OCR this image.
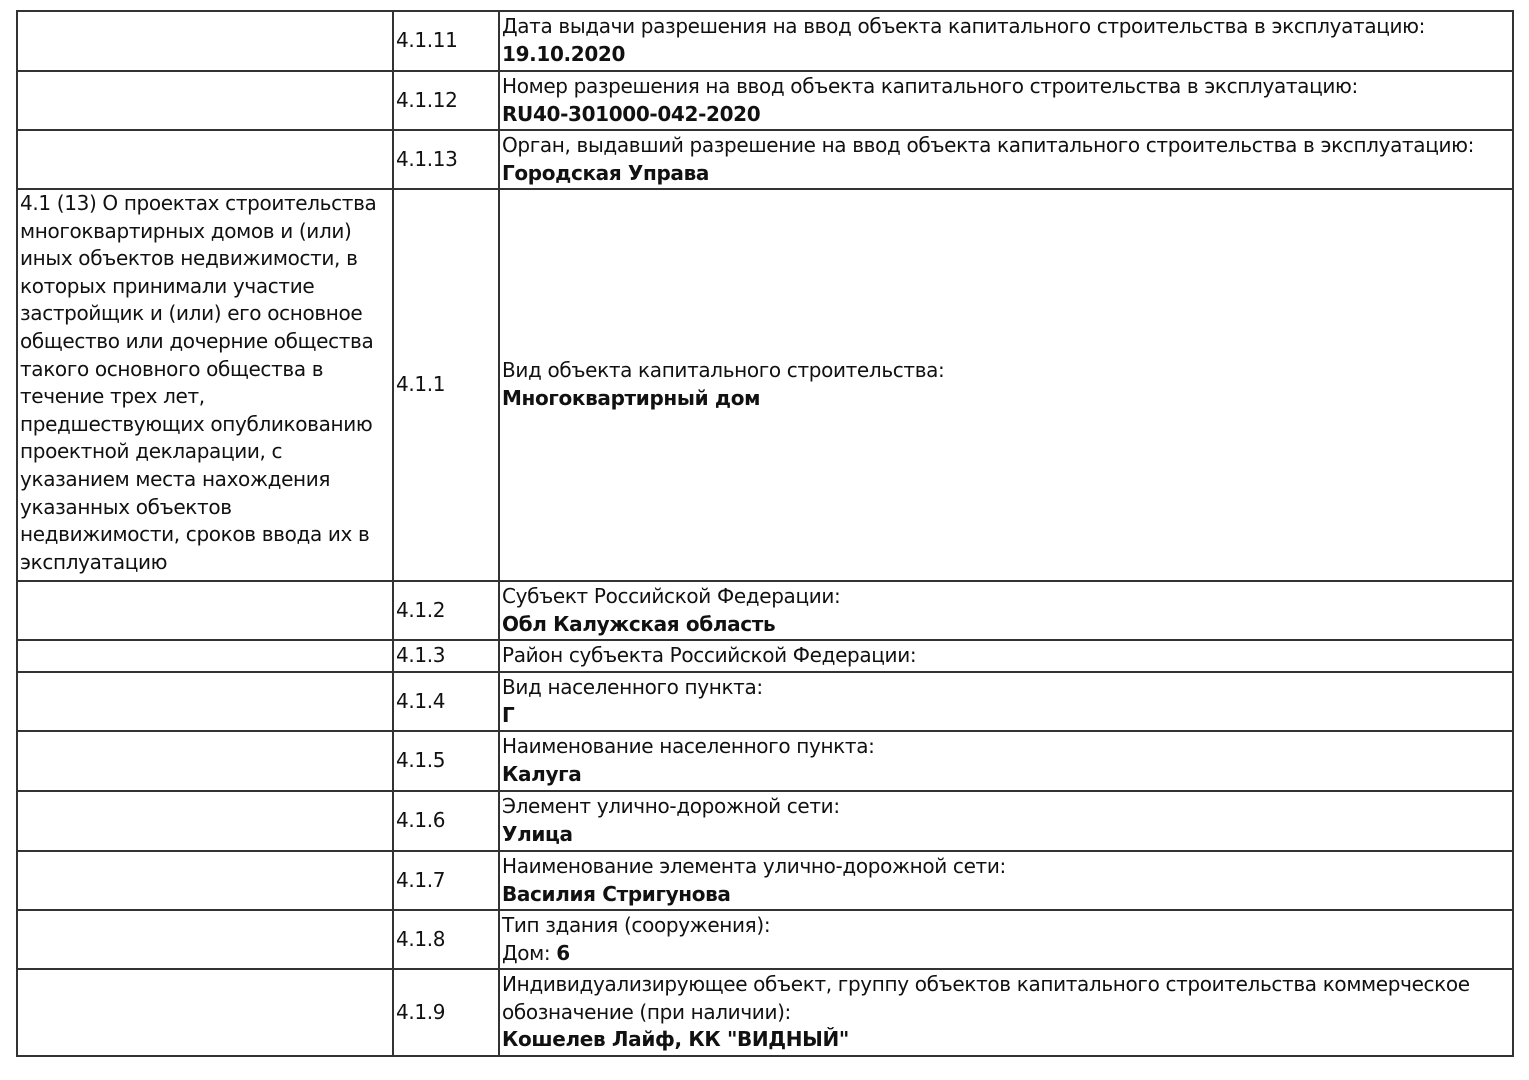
	4.1.11	Дата выдачи разрешения на ввод объекта капитального строительства в эксплуатацию:
19.10.2020

	4.1.12	Номер разрешения на ввод объекта капитального строительства в эксплуатацию:
RU40-301000-042-2020

	4.1.13	Орган, выдавший разрешение на ввод объекта капитального строительства в эксплуатацию:
Городская Управа

4.1 (13) О проектах строительства многоквартирных домов и (или) иных объектов недвижимости, в которых принимали участие застройщик и (или) его основное общество или дочерние общества такого основного общества в течение трех лет, предшествующих опубликованию проектной декларации, с указанием места нахождения указанных объектов недвижимости, сроков ввода их в эксплуатацию	4.1.1	Вид объекта капитального строительства:
Многоквартирный дом

	4.1.2	Субъект Российской Федерации:
Обл Калужская область

	4.1.3	Район субъекта Российской Федерации:

	4.1.4	Вид населенного пункта:
Г

	4.1.5	Наименование населенного пункта:
Калуга

	4.1.6	Элемент улично-дорожной сети:
Улица

	4.1.7	Наименование элемента улично-дорожной сети:
Василия Стригунова

	4.1.8	Тип здания (сооружения):
Дом: 6

	4.1.9	Индивидуализирующее объект, группу объектов капитального строительства коммерческое обозначение (при наличии):
Кошелев Лайф, КК "ВИДНЫЙ"
